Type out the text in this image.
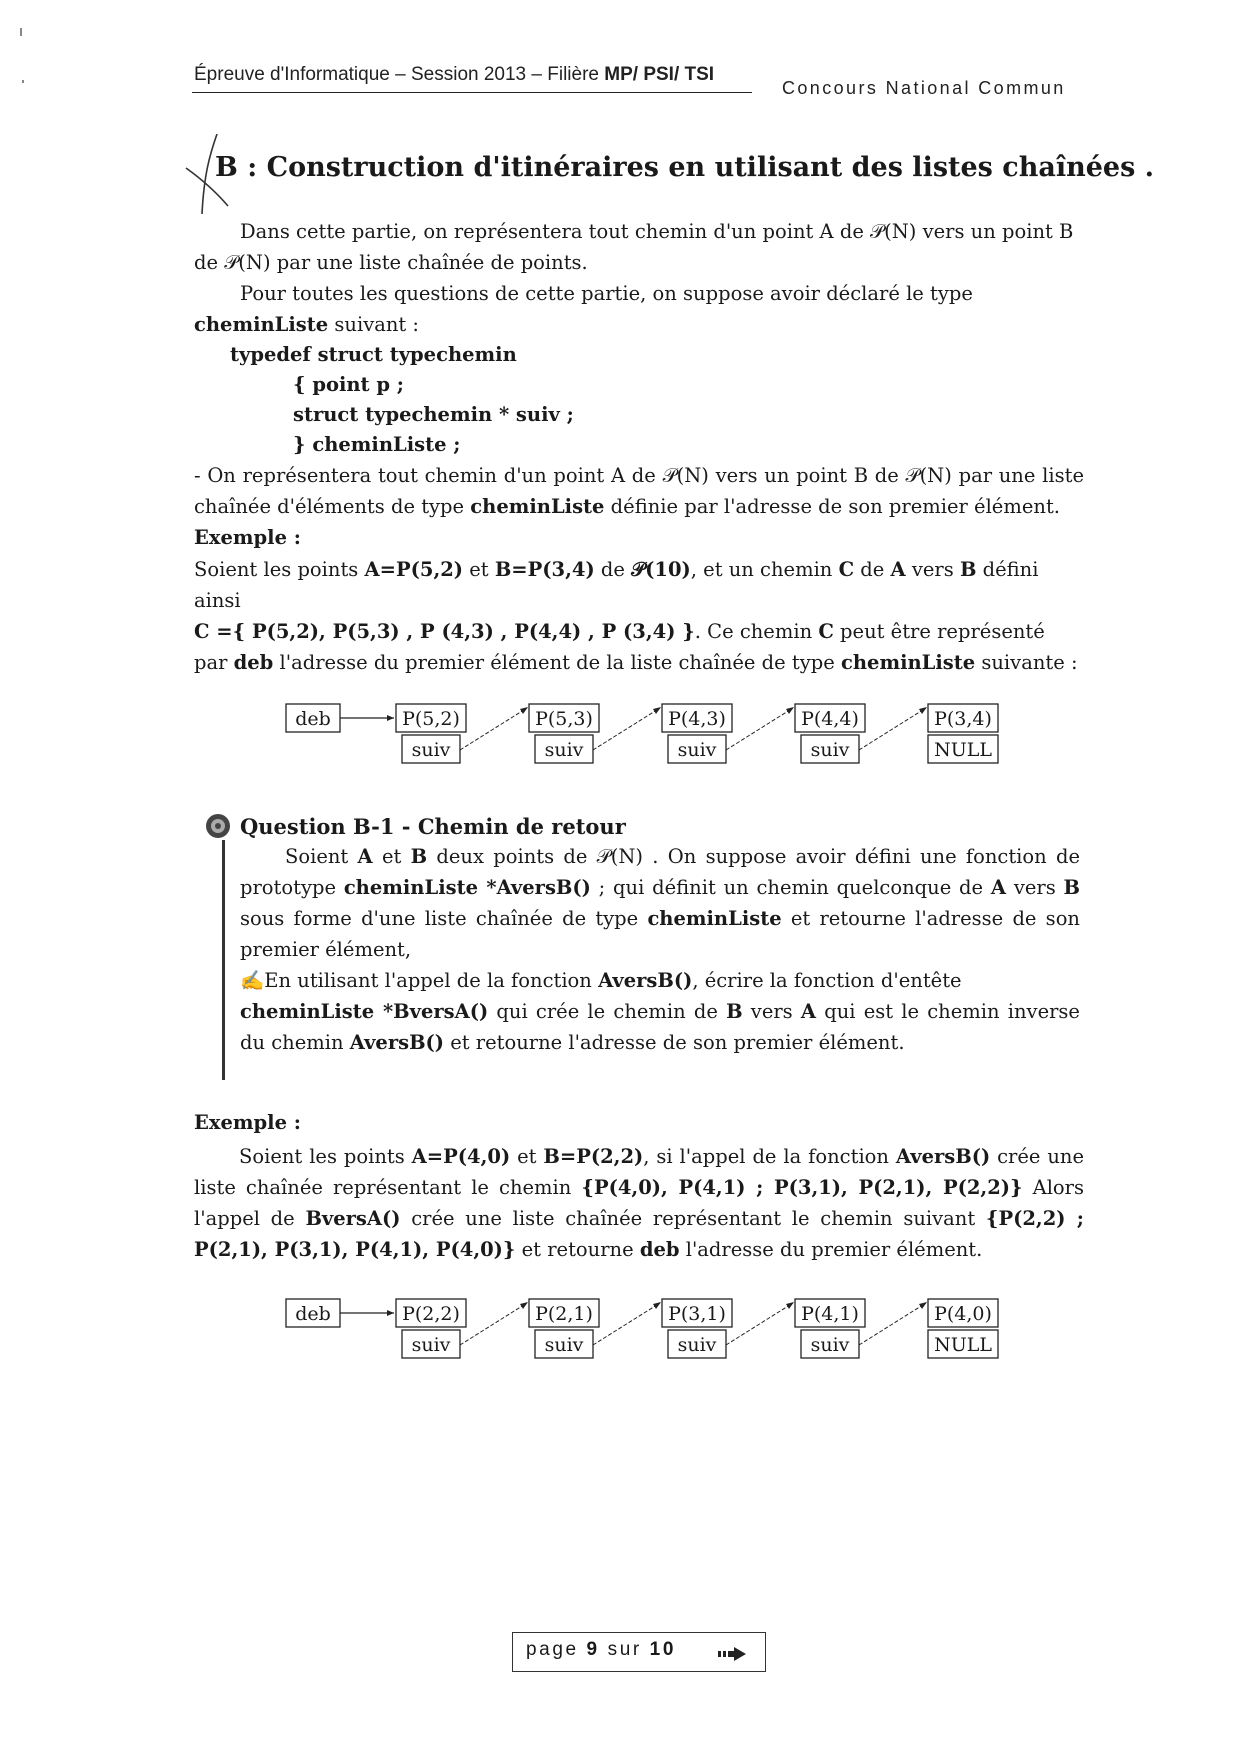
Épreuve d'Informatique – Session 2013 – Filière MP/ PSI/ TSI
Concours National Commun
B : Construction d'itinéraires en utilisant des listes chaînées .
Dans cette partie, on représentera tout chemin d'un point A de 𝒫(N) vers un point B de 𝒫(N) par une liste chaînée de points.
Pour toutes les questions de cette partie, on suppose avoir déclaré le type cheminListe suivant :
typedef struct typechemin
{ point p ;
struct typechemin * suiv ;
} cheminListe ;
- On représentera tout chemin d'un point A de 𝒫(N) vers un point B de 𝒫(N) par une liste chaînée d'éléments de type cheminListe définie par l'adresse de son premier élément.
Exemple :
Soient les points A=P(5,2) et B=P(3,4) de 𝒫(10), et un chemin C de A vers B défini ainsi
C ={ P(5,2), P(5,3) , P (4,3) , P(4,4) , P (3,4) }. Ce chemin C peut être représenté par deb l'adresse du premier élément de la liste chaînée de type cheminListe suivante :
deb	P(5,2)
suiv
P(5,3)
suiv
P(4,3)
suiv
P(4,4)
suiv
P(3,4)
NULL
Question B-1 - Chemin de retour
Soient A et B deux points de 𝒫(N) . On suppose avoir défini une fonction de prototype cheminListe *AversB() ; qui définit un chemin quelconque de A vers B sous forme d'une liste chaînée de type cheminListe et retourne l'adresse de son premier élément,
✍En utilisant l'appel de la fonction AversB(), écrire la fonction d'entête
cheminListe *BversA() qui crée le chemin de B vers A qui est le chemin inverse du chemin AversB() et retourne l'adresse de son premier élément.
Exemple :
Soient les points A=P(4,0) et B=P(2,2), si l'appel de la fonction AversB() crée une liste chaînée représentant le chemin {P(4,0), P(4,1) ; P(3,1), P(2,1), P(2,2)} Alors l'appel de BversA() crée une liste chaînée représentant le chemin suivant {P(2,2) ; P(2,1), P(3,1), P(4,1), P(4,0)} et retourne deb l'adresse du premier élément.
deb	P(2,2)
suiv
P(2,1)
suiv
P(3,1)
suiv
P(4,1)
suiv
P(4,0)
NULL
page 9 sur 10
